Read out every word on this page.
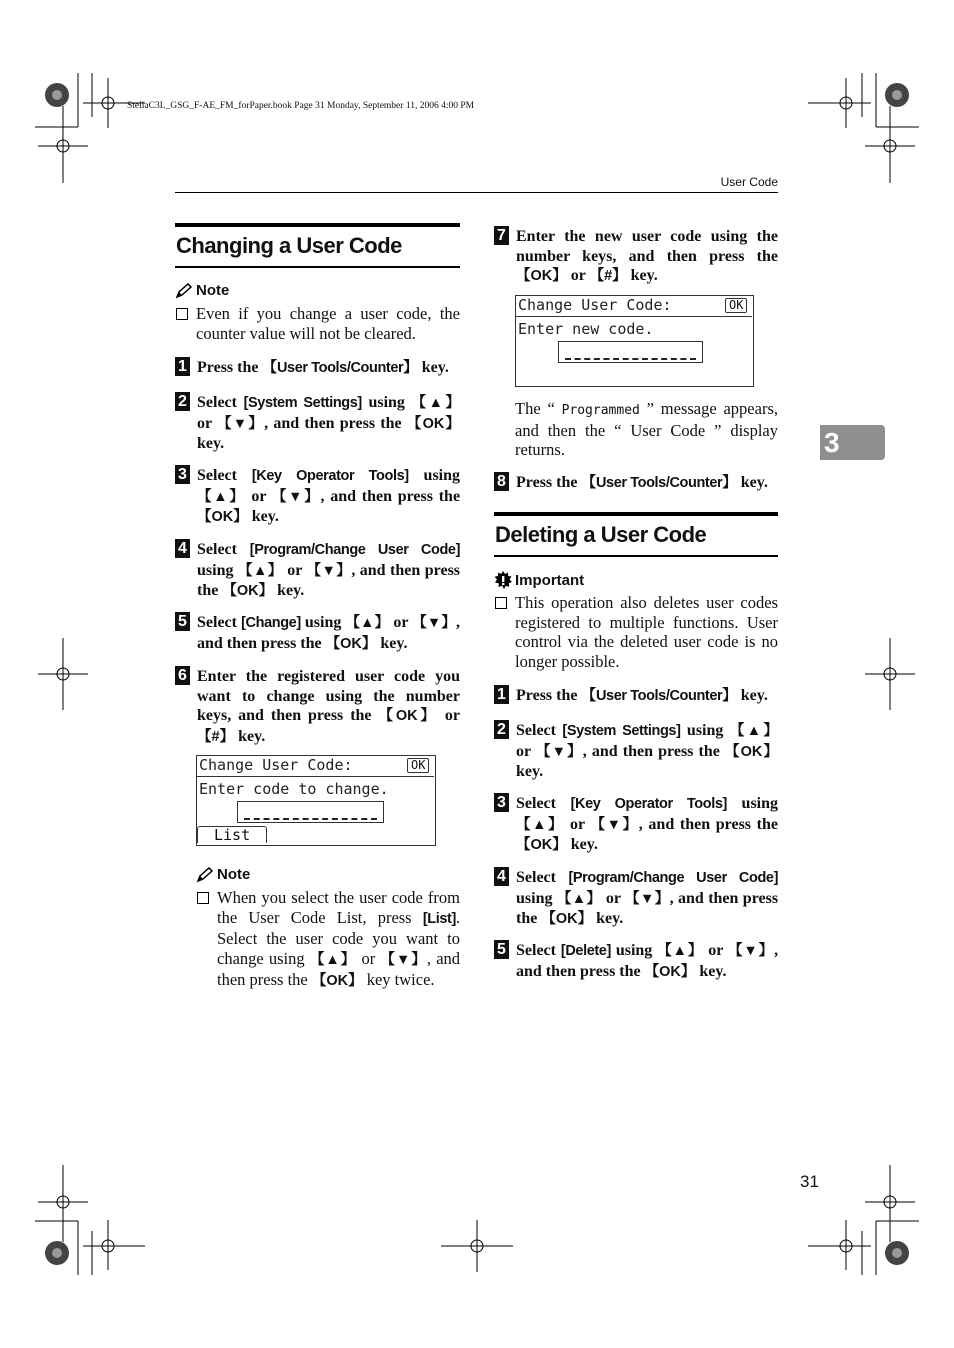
StellaC3L_GSG_F-AE_FM_forPaper.book Page 31 Monday, September 11, 2006 4:00 PM
User Code
3
31
Changing a User Code
Note
Even if you change a user code, the counter value will not be cleared.
1 Press the 【User Tools/Counter】 key.
2 Select [System Settings] using 【▲】 or 【▼】, and then press the 【OK】 key.
3 Select [Key Operator Tools] using 【▲】 or 【▼】, and then press the 【OK】 key.
4 Select [Program/Change User Code] using 【▲】 or 【▼】, and then press the 【OK】 key.
5 Select [Change] using 【▲】 or 【▼】, and then press the 【OK】 key.
6 Enter the registered user code you want to change using the number keys, and then press the 【OK】 or 【#】 key.
Change User Code:	OK
Enter code to change.
List
Note
When you select the user code from the User Code List, press [List]. Select the user code you want to change using 【▲】 or 【▼】, and then press the 【OK】 key twice.
7 Enter the new user code using the number keys, and then press the 【OK】 or 【#】 key.
Change User Code:	OK
Enter new code.
The “ Programmed ” message appears, and then the “ User Code ” display returns.
8 Press the 【User Tools/Counter】 key.
Deleting a User Code
Important
This operation also deletes user codes registered to multiple functions. User control via the deleted user code is no longer possible.
1 Press the 【User Tools/Counter】 key.
2 Select [System Settings] using 【▲】 or 【▼】, and then press the 【OK】 key.
3 Select [Key Operator Tools] using 【▲】 or 【▼】, and then press the 【OK】 key.
4 Select [Program/Change User Code] using 【▲】 or 【▼】, and then press the 【OK】 key.
5 Select [Delete] using 【▲】 or 【▼】, and then press the 【OK】 key.
